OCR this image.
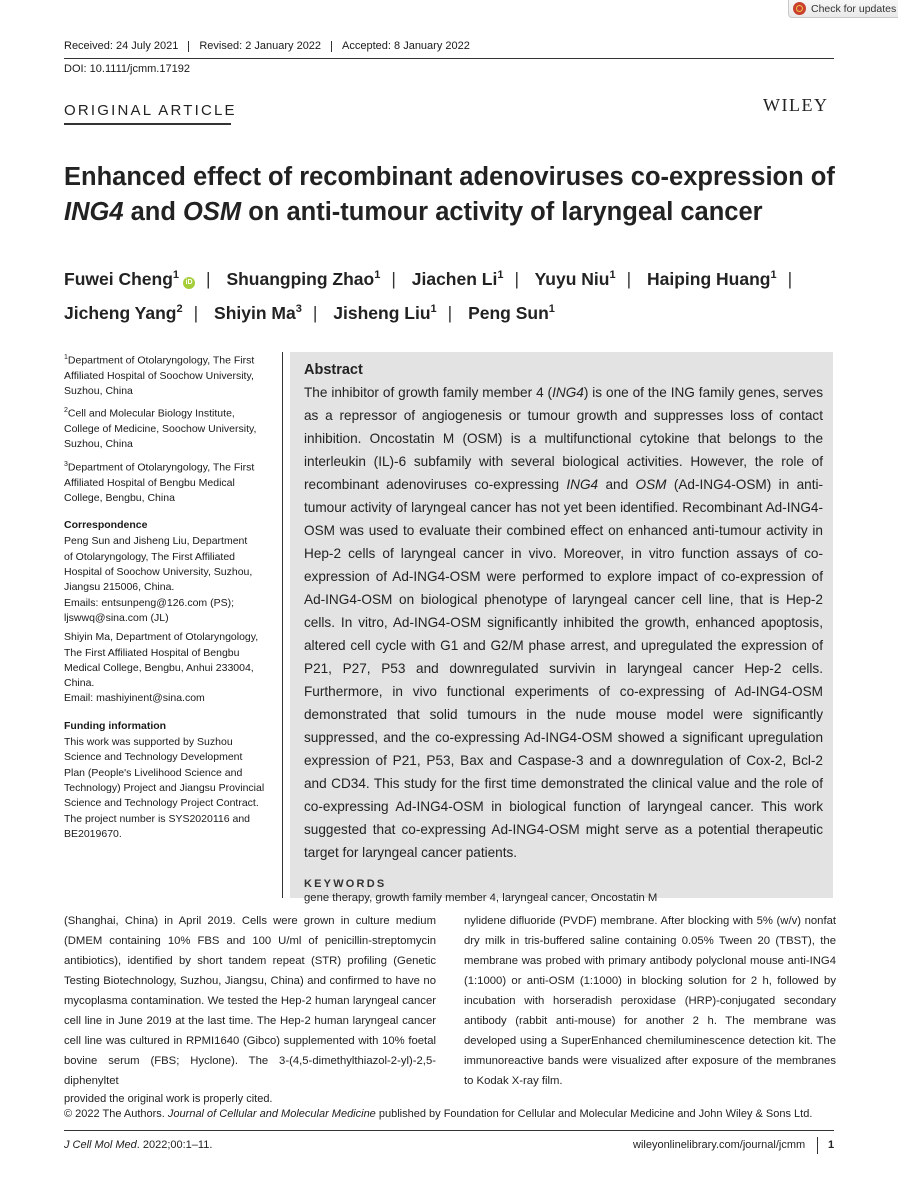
Check for updates
Received: 24 July 2021 Revised: 2 January 2022 Accepted: 8 January 2022
DOI: 10.1111/jcmm.17192
ORIGINAL ARTICLE	WILEY
Enhanced effect of recombinant adenoviruses co-expression of
ING4 and OSM on anti-tumour activity of laryngeal cancer
Fuwei Cheng$^1$iD | Shuangping Zhao$^1$ | Jiachen Li$^1$ | Yuyu Niu$^1$ | Haiping Huang$^1$ |
Jicheng Yang$^2$ | Shiyin Ma$^3$ | Jisheng Liu$^1$ | Peng Sun$^1$

$^1$Department of Otolaryngology, The First
Affiliated Hospital of Soochow University,
Suzhou, China

$^2$Cell and Molecular Biology Institute,
College of Medicine, Soochow University,
Suzhou, China

$^3$Department of Otolaryngology, The First
Affiliated Hospital of Bengbu Medical
College, Bengbu, China

Correspondence

Peng Sun and Jisheng Liu, Department
of Otolaryngology, The First Affiliated
Hospital of Soochow University, Suzhou,
Jiangsu 215006, China.
Emails: entsunpeng@126.com (PS);
ljswwq@sina.com (JL)

Shiyin Ma, Department of Otolaryngology,
The First Affiliated Hospital of Bengbu
Medical College, Bengbu, Anhui 233004,
China.
Email: mashiyinent@sina.com

Funding information

This work was supported by Suzhou
Science and Technology Development
Plan (People's Livelihood Science and
Technology) Project and Jiangsu Provincial
Science and Technology Project Contract.
The project number is SYS2020116 and
BE2019670.

Abstract
The inhibitor of growth family member 4 (ING4) is one of the ING family genes, serves as a repressor of angiogenesis or tumour growth and suppresses loss of contact inhibition. Oncostatin M (OSM) is a multifunctional cytokine that belongs to the interleukin (IL)-6 subfamily with several biological activities. However, the role of recombinant adenoviruses co-expressing ING4 and OSM (Ad-ING4-OSM) in anti-tumour activity of laryngeal cancer has not yet been identified. Recombinant Ad-ING4-OSM was used to evaluate their combined effect on enhanced anti-tumour activity in Hep-2 cells of laryngeal cancer in vivo. Moreover, in vitro function assays of co-expression of Ad-ING4-OSM were performed to explore impact of co-expression of Ad-ING4-OSM on biological phenotype of laryngeal cancer cell line, that is Hep-2 cells. In vitro, Ad-ING4-OSM significantly inhibited the growth, enhanced apoptosis, altered cell cycle with G1 and G2/M phase arrest, and upregulated the expression of P21, P27, P53 and downregulated survivin in laryngeal cancer Hep-2 cells. Furthermore, in vivo functional experiments of co-expressing of Ad-ING4-OSM demonstrated that solid tumours in the nude mouse model were significantly suppressed, and the co-expressing Ad-ING4-OSM showed a significant upregulation expression of P21, P53, Bax and Caspase-3 and a downregulation of Cox-2, Bcl-2 and CD34. This study for the first time demonstrated the clinical value and the role of co-expressing Ad-ING4-OSM in biological function of laryngeal cancer. This work suggested that co-expressing Ad-ING4-OSM might serve as a potential therapeutic target for laryngeal cancer patients.
KEYWORDS
gene therapy, growth family member 4, laryngeal cancer, Oncostatin M
(Shanghai, China) in April 2019. Cells were grown in culture medium (DMEM containing 10% FBS and 100 U/ml of penicillin-streptomycin antibiotics), identified by short tandem repeat (STR) profiling (Genetic Testing Biotechnology, Suzhou, Jiangsu, China) and confirmed to have no mycoplasma contamination. We tested the Hep-2 human laryngeal cancer cell line in June 2019 at the last time. The Hep-2 human laryngeal cancer cell line was cultured in RPMI1640 (Gibco) supplemented with 10% foetal bovine serum (FBS; Hyclone). The 3-(4,5-dimethylthiazol-2-yl)-2,5-diphenyltet
nylidene difluoride (PVDF) membrane. After blocking with 5% (w/v) nonfat dry milk in tris-buffered saline containing 0.05% Tween 20 (TBST), the membrane was probed with primary antibody polyclonal mouse anti-ING4 (1:1000) or anti-OSM (1:1000) in blocking solution for 2 h, followed by incubation with horseradish peroxidase (HRP)-conjugated secondary antibody (rabbit anti-mouse) for another 2 h. The membrane was developed using a SuperEnhanced chemiluminescence detection kit. The immunoreactive bands were visualized after exposure of the membranes to Kodak X-ray film.
provided the original work is properly cited.
© 2022 The Authors. Journal of Cellular and Molecular Medicine published by Foundation for Cellular and Molecular Medicine and John Wiley & Sons Ltd.
J Cell Mol Med. 2022;00:1–11.	wileyonlinelibrary.com/journal/jcmm 1
